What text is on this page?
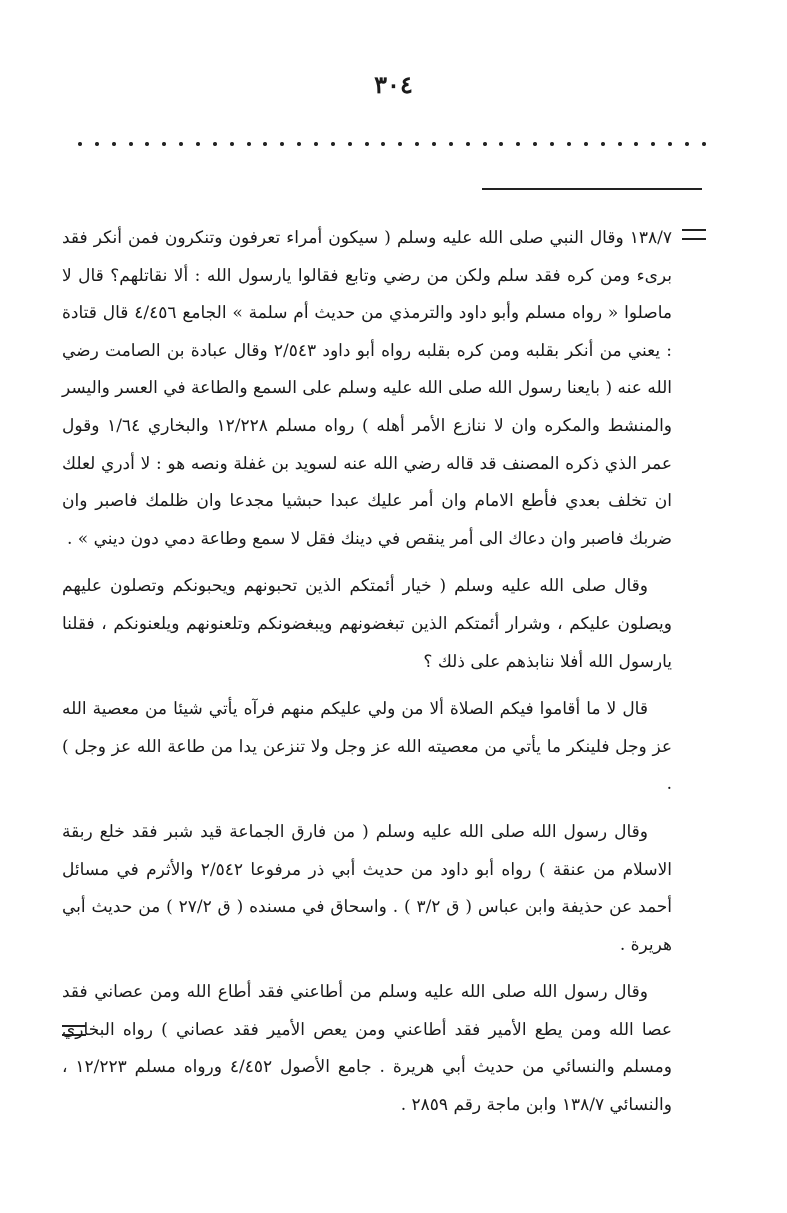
٣٠٤

١٣٨/٧ وقال النبي صلى الله عليه وسلم ( سيكون أمراء تعرفون وتنكرون فمن أنكر فقد برىء ومن كره فقد سلم ولكن من رضي وتابع فقالوا يارسول الله : ألا نقاتلهم؟ قال لا ماصلوا « رواه مسلم وأبو داود والترمذي من حديث أم سلمة » الجامع ٤/٤٥٦ قال قتادة : يعني من أنكر بقلبه ومن كره بقلبه رواه أبو داود ٢/٥٤٣ وقال عبادة بن الصامت رضي الله عنه ( بايعنا رسول الله صلى الله عليه وسلم على السمع والطاعة في العسر واليسر والمنشط والمكره وان لا ننازع الأمر أهله ) رواه مسلم ١٢/٢٢٨ والبخاري ١/٦٤ وقول عمر الذي ذكره المصنف قد قاله رضي الله عنه لسويد بن غفلة ونصه هو : لا أدري لعلك ان تخلف بعدي فأطع الامام وان أمر عليك عبدا حبشيا مجدعا وان ظلمك فاصبر وان ضربك فاصبر وان دعاك الى أمر ينقص في دينك فقل لا سمع وطاعة دمي دون ديني » .

وقال صلى الله عليه وسلم ( خيار أئمتكم الذين تحبونهم ويحبونكم وتصلون عليهم ويصلون عليكم ، وشرار أئمتكم الذين تبغضونهم ويبغضونكم وتلعنونهم ويلعنونكم ، فقلنا يارسول الله أفلا ننابذهم على ذلك ؟

قال لا ما أقاموا فيكم الصلاة ألا من ولي عليكم منهم فرآه يأتي شيئا من معصية الله عز وجل فلينكر ما يأتي من معصيته الله عز وجل ولا تنزعن يدا من طاعة الله عز وجل ) .

وقال رسول الله صلى الله عليه وسلم ( من فارق الجماعة قيد شبر فقد خلع ربقة الاسلام من عنقة ) رواه أبو داود من حديث أبي ذر مرفوعا ٢/٥٤٢ والأثرم في مسائل أحمد عن حذيفة وابن عباس ( ق ٣/٢ ) . واسحاق في مسنده ( ق ٢٧/٢ ) من حديث أبي هريرة .

وقال رسول الله صلى الله عليه وسلم من أطاعني فقد أطاع الله ومن عصاني فقد عصا الله ومن يطع الأمير فقد أطاعني ومن يعص الأمير فقد عصاني ) رواه البخاري ومسلم والنسائي من حديث أبي هريرة . جامع الأصول ٤/٤٥٢ ورواه مسلم ١٢/٢٢٣ ، والنسائي ١٣٨/٧ وابن ماجة رقم ٢٨٥٩ .
